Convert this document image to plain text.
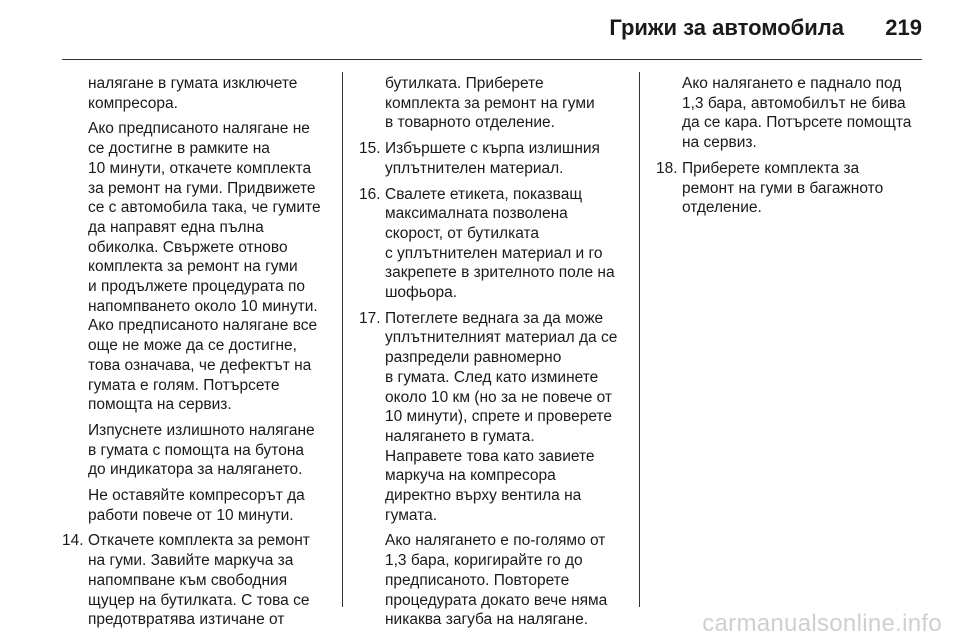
Грижи за автомобила 219

налягане в гумата изключете
компресора.

Ако предписаното налягане не
се достигне в рамките на
10 минути, откачете комплекта
за ремонт на гуми. Придвижете
се с автомобила така, че гумите
да направят една пълна
обиколка. Свържете отново
комплекта за ремонт на гуми
и продължете процедурата по
напомпването около 10 минути.
Ако предписаното налягане все
още не може да се достигне,
това означава, че дефектът на
гумата е голям. Потърсете
помощта на сервиз.

Изпуснете излишното налягане
в гумата с помощта на бутона
до индикатора за налягането.

Не оставяйте компресорът да
работи повече от 10 минути.

14. Откачете комплекта за ремонт
на гуми. Завийте маркуча за
напомпване към свободния
щуцер на бутилката. С това се
предотвратява изтичане от

бутилката. Приберете
комплекта за ремонт на гуми
в товарното отделение.

15. Избършете с кърпа излишния
уплътнителен материал.
16. Свалете етикета, показващ
максималната позволена
скорост, от бутилката
с уплътнителен материал и го
закрепете в зрителното поле на
шофьора.
17. Потеглете веднага за да може
уплътнителният материал да се
разпредели равномерно
в гумата. След като изминете
около 10 км (но за не повече от
10 минути), спрете и проверете
налягането в гумата.
Направете това като завиете
маркуча на компресора
директно върху вентила на
гумата.

Ако налягането е по-голямо от
1,3 бара, коригирайте го до
предписаното. Повторете
процедурата докато вече няма
никаква загуба на налягане.

Ако налягането е паднало под
1,3 бара, автомобилът не бива
да се кара. Потърсете помощта
на сервиз.

18. Приберете комплекта за
ремонт на гуми в багажното
отделение.
carmanualsonline.info
